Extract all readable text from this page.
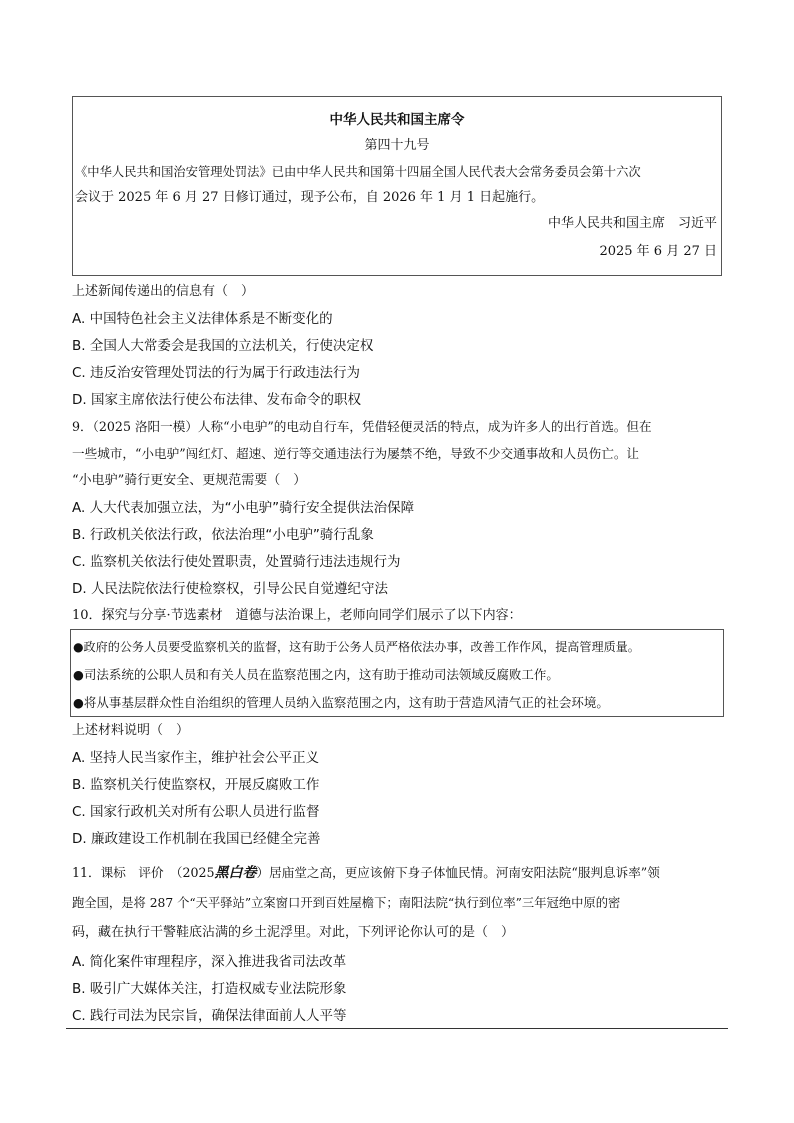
中华人民共和国主席令
第四十九号
《中华人民共和国治安管理处罚法》已由中华人民共和国第十四届全国人民代表大会常务委员会第十六次
会议于 2025 年 6 月 27 日修订通过，现予公布，自 2026 年 1 月 1 日起施行。
中华人民共和国主席　习近平
2025 年 6 月 27 日
上述新闻传递出的信息有（　）
A. 中国特色社会主义法律体系是不断变化的
B. 全国人大常委会是我国的立法机关，行使决定权
C. 违反治安管理处罚法的行为属于行政违法行为
D. 国家主席依法行使公布法律、发布命令的职权
9．（2025 洛阳一模）人称“小电驴”的电动自行车，凭借轻便灵活的特点，成为许多人的出行首选。但在
一些城市，“小电驴”闯红灯、超速、逆行等交通违法行为屡禁不绝，导致不少交通事故和人员伤亡。让
“小电驴”骑行更安全、更规范需要（　）
A. 人大代表加强立法，为“小电驴”骑行安全提供法治保障
B. 行政机关依法行政，依法治理“小电驴”骑行乱象
C. 监察机关依法行使处置职责，处置骑行违法违规行为
D. 人民法院依法行使检察权，引导公民自觉遵纪守法
10．探究与分享·节选素材　道德与法治课上，老师向同学们展示了以下内容：
●政府的公务人员要受监察机关的监督，这有助于公务人员严格依法办事，改善工作作风，提高管理质量。
●司法系统的公职人员和有关人员在监察范围之内，这有助于推动司法领域反腐败工作。
●将从事基层群众性自治组织的管理人员纳入监察范围之内，这有助于营造风清气正的社会环境。
上述材料说明（　）
A. 坚持人民当家作主，维护社会公平正义
B. 监察机关行使监察权，开展反腐败工作
C. 国家行政机关对所有公职人员进行监督
D. 廉政建设工作机制在我国已经健全完善
11．课标　评价　（2025黑白卷）居庙堂之高，更应该俯下身子体恤民情。河南安阳法院“服判息诉率”领
跑全国，是将 287 个“天平驿站”立案窗口开到百姓屋檐下；南阳法院“执行到位率”三年冠绝中原的密
码，藏在执行干警鞋底沾满的乡土泥浮里。对此，下列评论你认可的是（　）
A. 简化案件审理程序，深入推进我省司法改革
B. 吸引广大媒体关注，打造权威专业法院形象
C. 践行司法为民宗旨，确保法律面前人人平等
